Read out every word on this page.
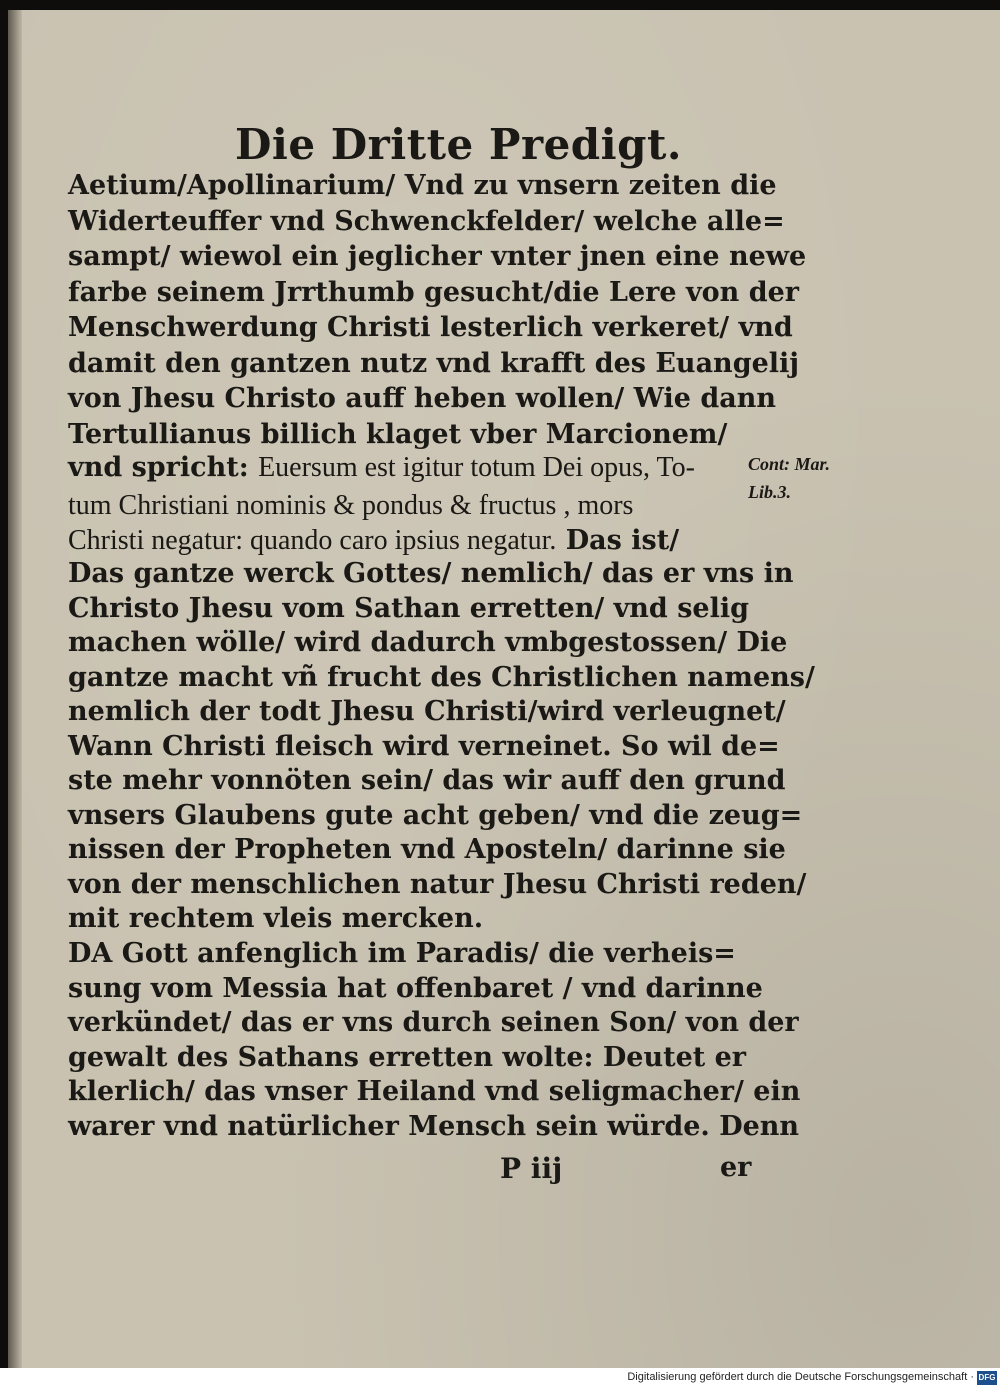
Die Dritte Predigt.
Aetium/Apollinarium/ Vnd zu vnsern zeiten die
Widerteuffer vnd Schwenckfelder/ welche alle=
sampt/ wiewol ein jeglicher vnter jnen eine newe
farbe seinem Jrrthumb gesucht/die Lere von der
Menschwerdung Christi lesterlich verkeret/ vnd
damit den gantzen nutz vnd krafft des Euangelij
von Jhesu Christo auff heben wollen/ Wie dann
Tertullianus billich klaget vber Marcionem/
vnd spricht: Euersum est igitur totum Dei opus, To-
tum Christiani nominis & pondus & fructus , mors
Christi negatur: quando caro ipsius negatur. Das ist/
Das gantze werck Gottes/ nemlich/ das er vns in
Christo Jhesu vom Sathan erretten/ vnd selig
machen wölle/ wird dadurch vmbgestossen/ Die
gantze macht vñ frucht des Christlichen namens/
nemlich der todt Jhesu Christi/wird verleugnet/
Wann Christi fleisch wird verneinet. So wil de=
ste mehr vonnöten sein/ das wir auff den grund
vnsers Glaubens gute acht geben/ vnd die zeug=
nissen der Propheten vnd Aposteln/ darinne sie
von der menschlichen natur Jhesu Christi reden/
mit rechtem vleis mercken.
DA Gott anfenglich im Paradis/ die verheis=
sung vom Messia hat offenbaret / vnd darinne
verkündet/ das er vns durch seinen Son/ von der
gewalt des Sathans erretten wolte: Deutet er
klerlich/ das vnser Heiland vnd seligmacher/ ein
warer vnd natürlicher Mensch sein würde. Denn
Cont: Mar.
Lib.3.
P iij	er
Digitalisierung gefördert durch die Deutsche Forschungsgemeinschaft · DFG
